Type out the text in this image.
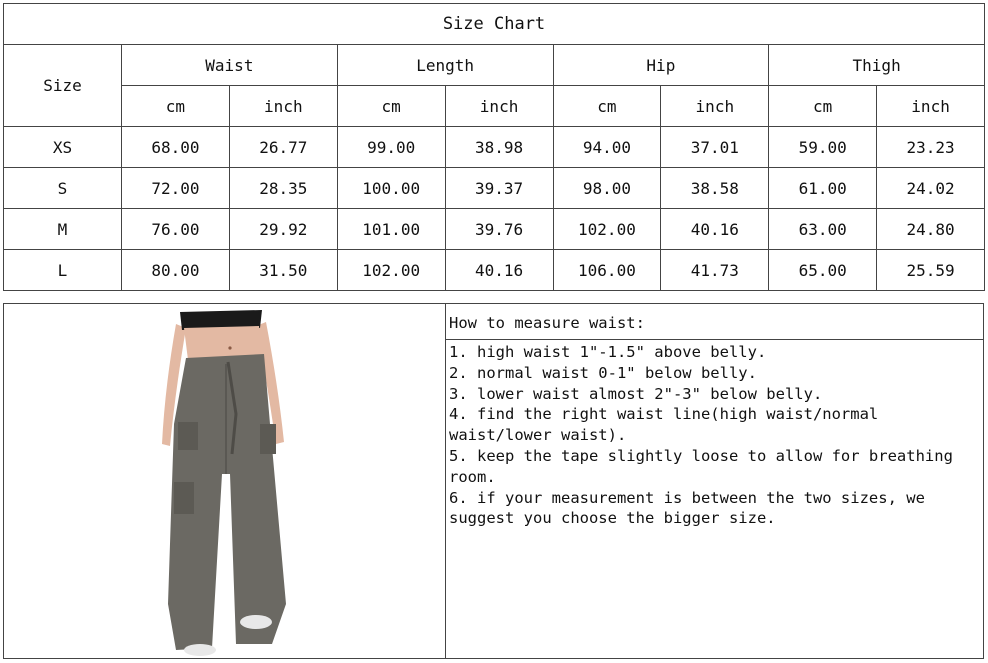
Size Chart								
Size	Waist		Length		Hip		Thigh	
	cm	inch	cm	inch	cm	inch	cm	inch
XS	68.00	26.77	99.00	38.98	94.00	37.01	59.00	23.23
S	72.00	28.35	100.00	39.37	98.00	38.58	61.00	24.02
M	76.00	29.92	101.00	39.76	102.00	40.16	63.00	24.80
L	80.00	31.50	102.00	40.16	106.00	41.73	65.00	25.59
How to measure waist:
1. high waist 1"-1.5" above belly.
2. normal waist 0-1" below belly.
3. lower waist almost 2"-3" below belly.
4. find the right waist line(high waist/normal waist/lower waist).
5. keep the tape slightly loose to allow for breathing room.
6. if your measurement is between the two sizes, we suggest you choose the bigger size.
